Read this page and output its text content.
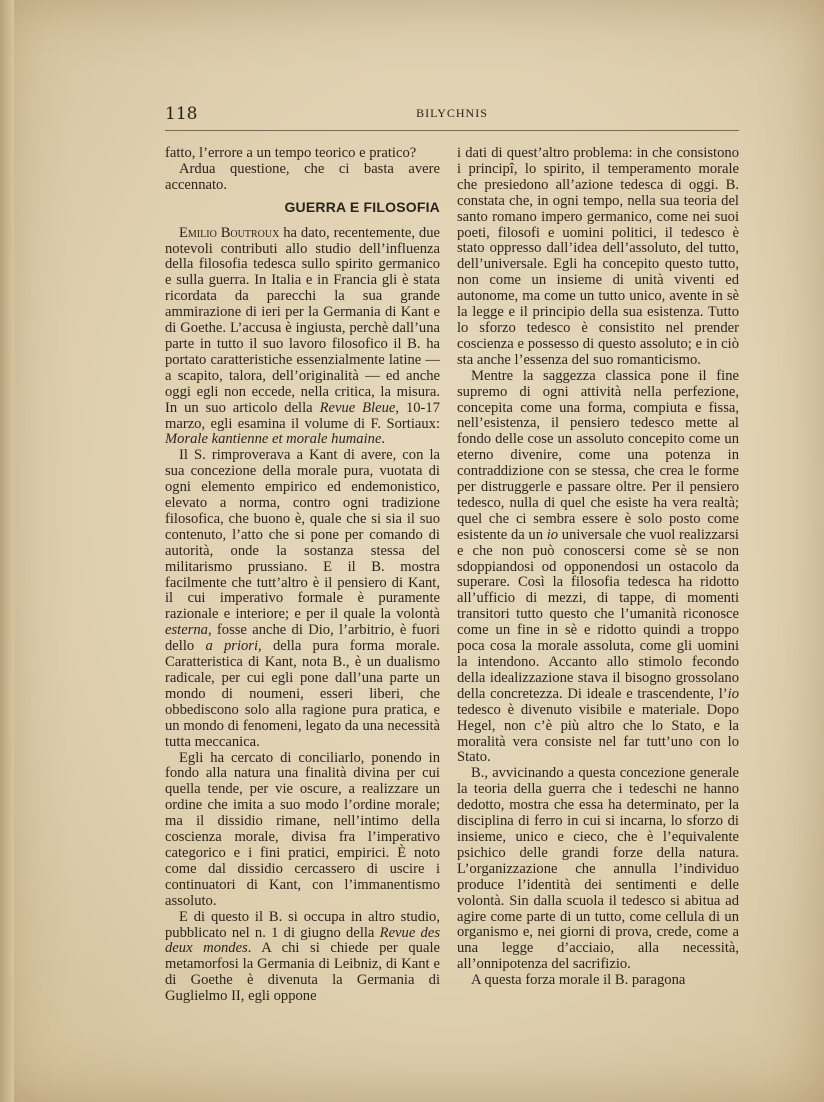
118	BILYCHNIS

fatto, l’errore a un tempo teorico e pratico?

Ardua questione, che ci basta avere accennato.

GUERRA E FILOSOFIA

Emilio Boutroux ha dato, recentemente, due notevoli contributi allo studio dell’influenza della filosofia tedesca sullo spirito germanico e sulla guerra. In Italia e in Francia gli è stata ricordata da parecchi la sua grande ammirazione di ieri per la Germania di Kant e di Goethe. L’accusa è ingiusta, perchè dall’una parte in tutto il suo lavoro filosofico il B. ha portato caratteristiche essenzialmente latine — a scapito, talora, dell’originalità — ed anche oggi egli non eccede, nella critica, la misura. In un suo articolo della Revue Bleue, 10-17 marzo, egli esamina il volume di F. Sortiaux: Morale kantienne et morale humaine.

Il S. rimproverava a Kant di avere, con la sua concezione della morale pura, vuotata di ogni elemento empirico ed endemonistico, elevato a norma, contro ogni tradizione filosofica, che buono è, quale che si sia il suo contenuto, l’atto che si pone per comando di autorità, onde la sostanza stessa del militarismo prussiano. E il B. mostra facilmente che tutt’altro è il pensiero di Kant, il cui imperativo formale è puramente razionale e interiore; e per il quale la volontà esterna, fosse anche di Dio, l’arbitrio, è fuori dello a priori, della pura forma morale. Caratteristica di Kant, nota B., è un dualismo radicale, per cui egli pone dall’una parte un mondo di noumeni, esseri liberi, che obbediscono solo alla ragione pura pratica, e un mondo di fenomeni, legato da una necessità tutta meccanica.

Egli ha cercato di conciliarlo, ponendo in fondo alla natura una finalità divina per cui quella tende, per vie oscure, a realizzare un ordine che imita a suo modo l’ordine morale; ma il dissidio rimane, nell’intimo della coscienza morale, divisa fra l’imperativo categorico e i fini pratici, empirici. È noto come dal dissidio cercassero di uscire i continuatori di Kant, con l’immanentismo assoluto.

E di questo il B. si occupa in altro studio, pubblicato nel n. 1 di giugno della Revue des deux mondes. A chi si chiede per quale metamorfosi la Germania di Leibniz, di Kant e di Goethe è divenuta la Germania di Guglielmo II, egli oppone

i dati di quest’altro problema: in che consistono i principî, lo spirito, il temperamento morale che presiedono all’azione tedesca di oggi. B. constata che, in ogni tempo, nella sua teoria del santo romano impero germanico, come nei suoi poeti, filosofi e uomini politici, il tedesco è stato oppresso dall’idea dell’assoluto, del tutto, dell’universale. Egli ha concepito questo tutto, non come un insieme di unità viventi ed autonome, ma come un tutto unico, avente in sè la legge e il principio della sua esistenza. Tutto lo sforzo tedesco è consistito nel prender coscienza e possesso di questo assoluto; e in ciò sta anche l’essenza del suo romanticismo.

Mentre la saggezza classica pone il fine supremo di ogni attività nella perfezione, concepita come una forma, compiuta e fissa, nell’esistenza, il pensiero tedesco mette al fondo delle cose un assoluto concepito come un eterno divenire, come una potenza in contraddizione con se stessa, che crea le forme per distruggerle e passare oltre. Per il pensiero tedesco, nulla di quel che esiste ha vera realtà; quel che ci sembra essere è solo posto come esistente da un io universale che vuol realizzarsi e che non può conoscersi come sè se non sdoppiandosi od opponendosi un ostacolo da superare. Così la filosofia tedesca ha ridotto all’ufficio di mezzi, di tappe, di momenti transitori tutto questo che l’umanità riconosce come un fine in sè e ridotto quindi a troppo poca cosa la morale assoluta, come gli uomini la intendono. Accanto allo stimolo fecondo della idealizzazione stava il bisogno grossolano della concretezza. Di ideale e trascendente, l’io tedesco è divenuto visibile e materiale. Dopo Hegel, non c’è più altro che lo Stato, e la moralità vera consiste nel far tutt’uno con lo Stato.

B., avvicinando a questa concezione generale la teoria della guerra che i tedeschi ne hanno dedotto, mostra che essa ha determinato, per la disciplina di ferro in cui si incarna, lo sforzo di insieme, unico e cieco, che è l’equivalente psichico delle grandi forze della natura. L’organizzazione che annulla l’individuo produce l’identità dei sentimenti e delle volontà. Sin dalla scuola il tedesco si abitua ad agire come parte di un tutto, come cellula di un organismo e, nei giorni di prova, crede, come a una legge d’acciaio, alla necessità, all’onnipotenza del sacrifizio.

A questa forza morale il B. paragona
